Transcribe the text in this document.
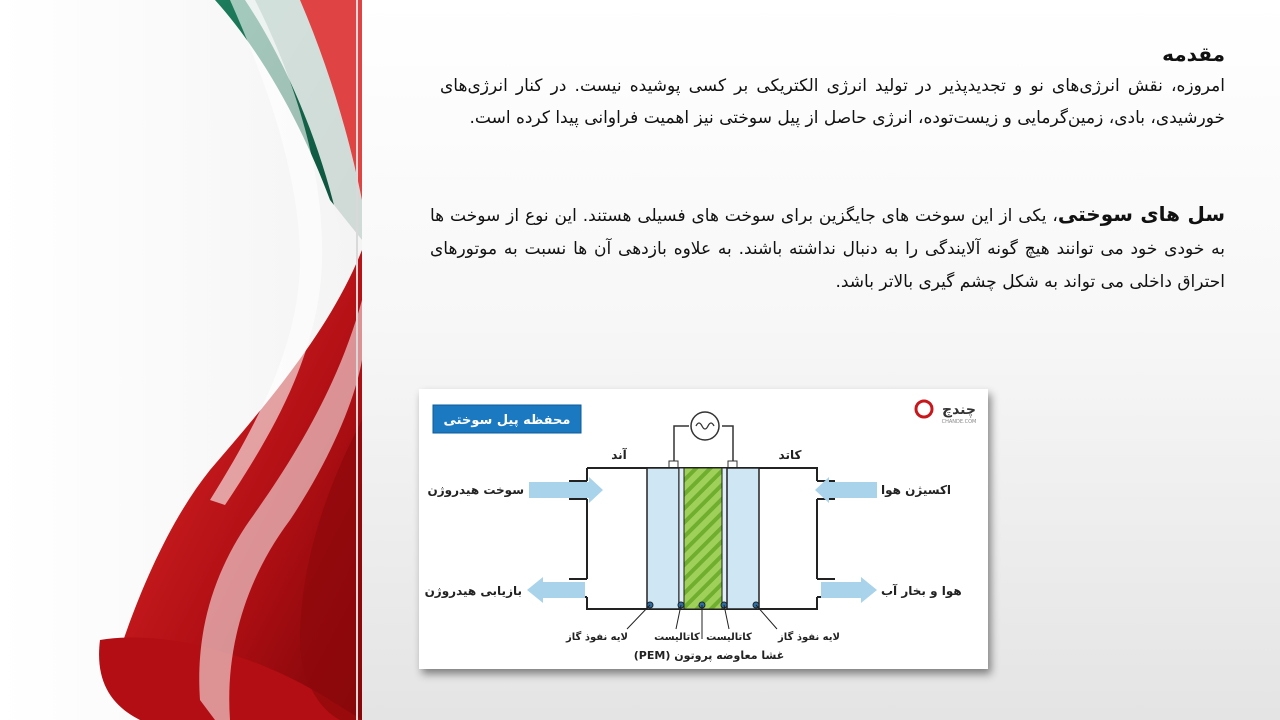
مقدمه
امروزه، نقش انرژی‌های نو و تجدیدپذیر در تولید انرژی الکتریکی بر کسی پوشیده نیست. در کنار انرژی‌های خورشیدی، بادی، زمین‌گرمایی و زیست‌توده، انرژی حاصل از پیل سوختی نیز اهمیت فراوانی پیدا کرده است.
سل های سوختی، یکی از این سوخت های جایگزین برای سوخت های فسیلی هستند. این نوع از سوخت ها به خودی خود می توانند هیچ گونه آلایندگی را به دنبال نداشته باشند. به علاوه بازدهی آن ها نسبت به موتورهای احتراق داخلی می تواند به شکل چشم گیری بالاتر باشد.
محفظه پیل سوختی
چندچ
CHANDE.COM
آند	کاتد
سوخت هیدروژن
بازیابی هیدروژن
اکسیژن هوا
هوا و بخار آب
لایه نفوذ گاز	کاتالیست کاتالیست	لایه نفوذ گاز
(PEM) غشا معاوضه پروتون
